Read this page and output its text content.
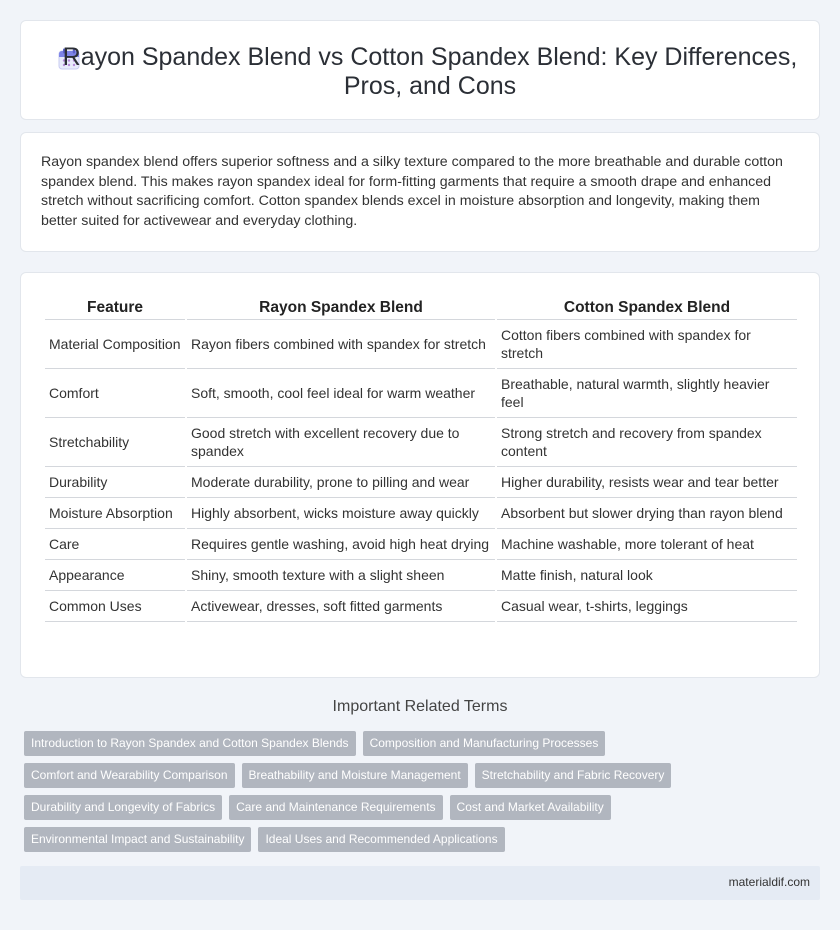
Rayon Spandex Blend vs Cotton Spandex Blend: Key Differences, Pros, and Cons

Rayon spandex blend offers superior softness and a silky texture compared to the more breathable and durable cotton spandex blend. This makes rayon spandex ideal for form-fitting garments that require a smooth drape and enhanced stretch without sacrificing comfort. Cotton spandex blends excel in moisture absorption and longevity, making them better suited for activewear and everyday clothing.

Feature	Rayon Spandex Blend	Cotton Spandex Blend
Material Composition	Rayon fibers combined with spandex for stretch	Cotton fibers combined with spandex for stretch
Comfort	Soft, smooth, cool feel ideal for warm weather	Breathable, natural warmth, slightly heavier feel
Stretchability	Good stretch with excellent recovery due to spandex	Strong stretch and recovery from spandex content
Durability	Moderate durability, prone to pilling and wear	Higher durability, resists wear and tear better
Moisture Absorption	Highly absorbent, wicks moisture away quickly	Absorbent but slower drying than rayon blend
Care	Requires gentle washing, avoid high heat drying	Machine washable, more tolerant of heat
Appearance	Shiny, smooth texture with a slight sheen	Matte finish, natural look
Common Uses	Activewear, dresses, soft fitted garments	Casual wear, t-shirts, leggings
Important Related Terms
Introduction to Rayon Spandex and Cotton Spandex Blends Composition and Manufacturing Processes
Comfort and Wearability Comparison Breathability and Moisture Management Stretchability and Fabric Recovery
Durability and Longevity of Fabrics Care and Maintenance Requirements Cost and Market Availability
Environmental Impact and Sustainability Ideal Uses and Recommended Applications
materialdif.com
